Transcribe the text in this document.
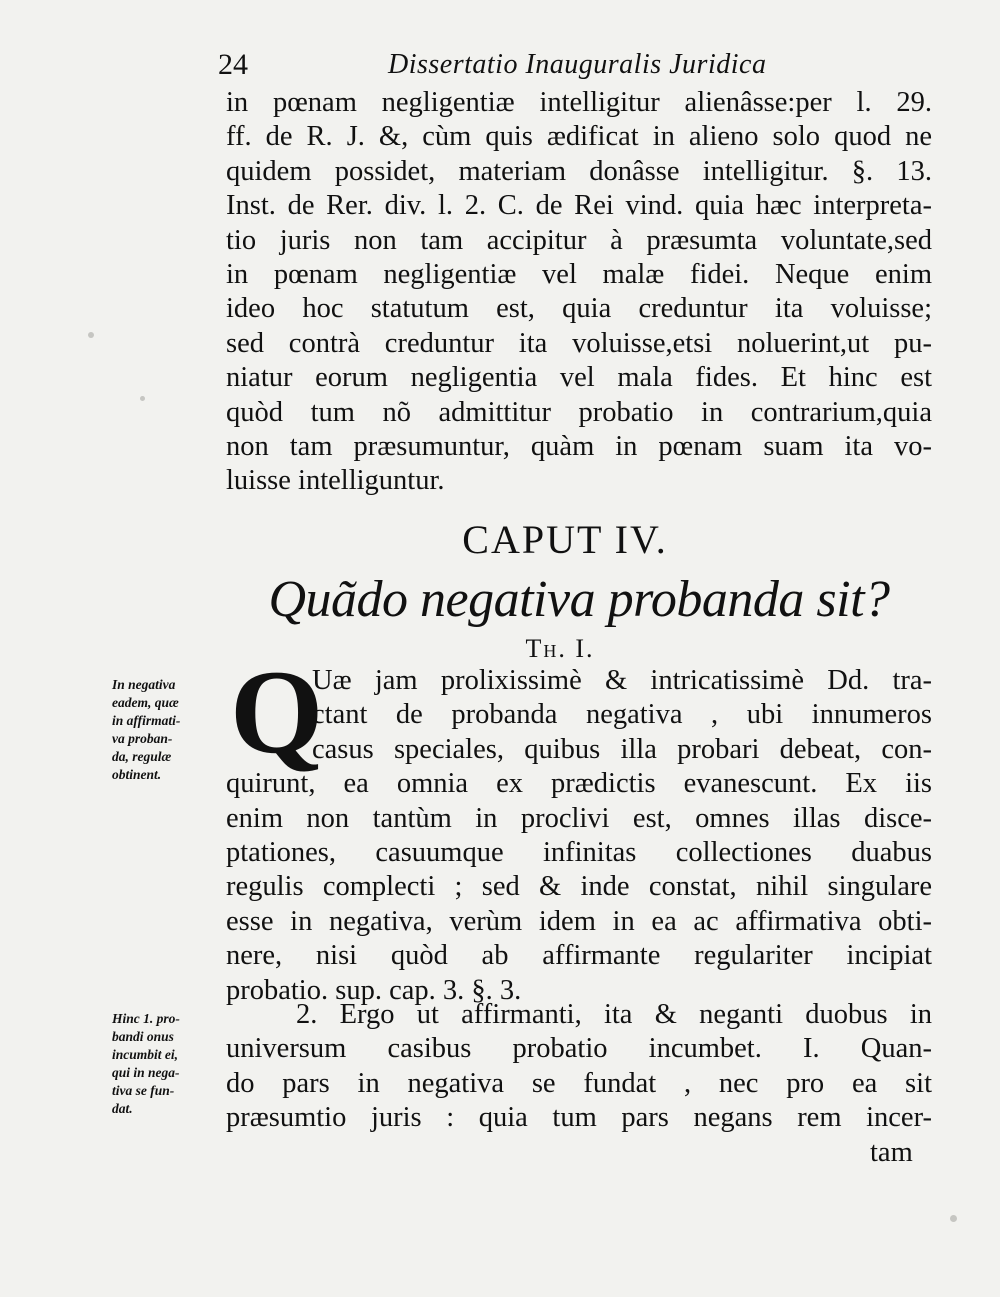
24	Dissertatio Inauguralis Juridica
in pœnam negligentiæ intelligitur alienâsse:per l. 29.
ff. de R. J. &, cùm quis ædificat in alieno solo quod ne
quidem possidet, materiam donâsse intelligitur. §. 13.
Inst. de Rer. div. l. 2. C. de Rei vind. quia hæc interpreta-
tio juris non tam accipitur à præsumta voluntate,sed
in pœnam negligentiæ vel malæ fidei. Neque enim
ideo hoc statutum est, quia creduntur ita voluisse;
sed contrà creduntur ita voluisse,etsi noluerint,ut pu-
niatur eorum negligentia vel mala fides. Et hinc est
quòd tum nõ admittitur probatio in contrarium,quia
non tam præsumuntur, quàm in pœnam suam ita vo-
luisse intelliguntur.
CAPUT IV.
Quãdo negativa probanda sit?
Th. I.
Q
Uæ jam prolixissimè & intricatissimè Dd. tra-
ctant de probanda negativa , ubi innumeros
casus speciales, quibus illa probari debeat, con-
quirunt, ea omnia ex prædictis evanescunt. Ex iis
enim non tantùm in proclivi est, omnes illas disce-
ptationes, casuumque infinitas collectiones duabus
regulis complecti ; sed & inde constat, nihil singulare
esse in negativa, verùm idem in ea ac affirmativa obti-
nere, nisi quòd ab affirmante regulariter incipiat
probatio. sup. cap. 3. §. 3.
2. Ergo ut affirmanti, ita & neganti duobus in
universum casibus probatio incumbet. I. Quan-
do pars in negativa se fundat , nec pro ea sit
præsumtio juris : quia tum pars negans rem incer-
tam
In negativa
eadem, quæ
in affirmati-
va proban-
da, regulæ
obtinent.
Hinc 1. pro-
bandi onus
incumbit ei,
qui in nega-
tiva se fun-
dat.
